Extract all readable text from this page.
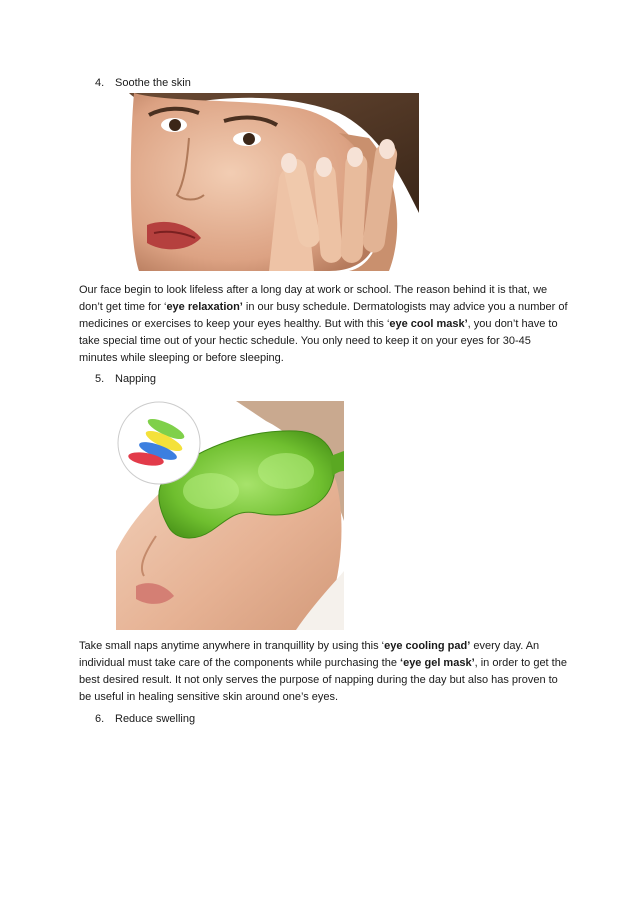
4. Soothe the skin

Our face begin to look lifeless after a long day at work or school. The reason behind it is that, we don’t get time for ‘eye relaxation’ in our busy schedule. Dermatologists may advice you a number of medicines or exercises to keep your eyes healthy. But with this ‘eye cool mask’, you don’t have to take special time out of your hectic schedule. You only need to keep it on your eyes for 30-45 minutes while sleeping or before sleeping.

5. Napping

Take small naps anytime anywhere in tranquillity by using this ‘eye cooling pad’ every day. An individual must take care of the components while purchasing the ‘eye gel mask’, in order to get the best desired result. It not only serves the purpose of napping during the day but also has proven to be useful in healing sensitive skin around one’s eyes.

6. Reduce swelling
